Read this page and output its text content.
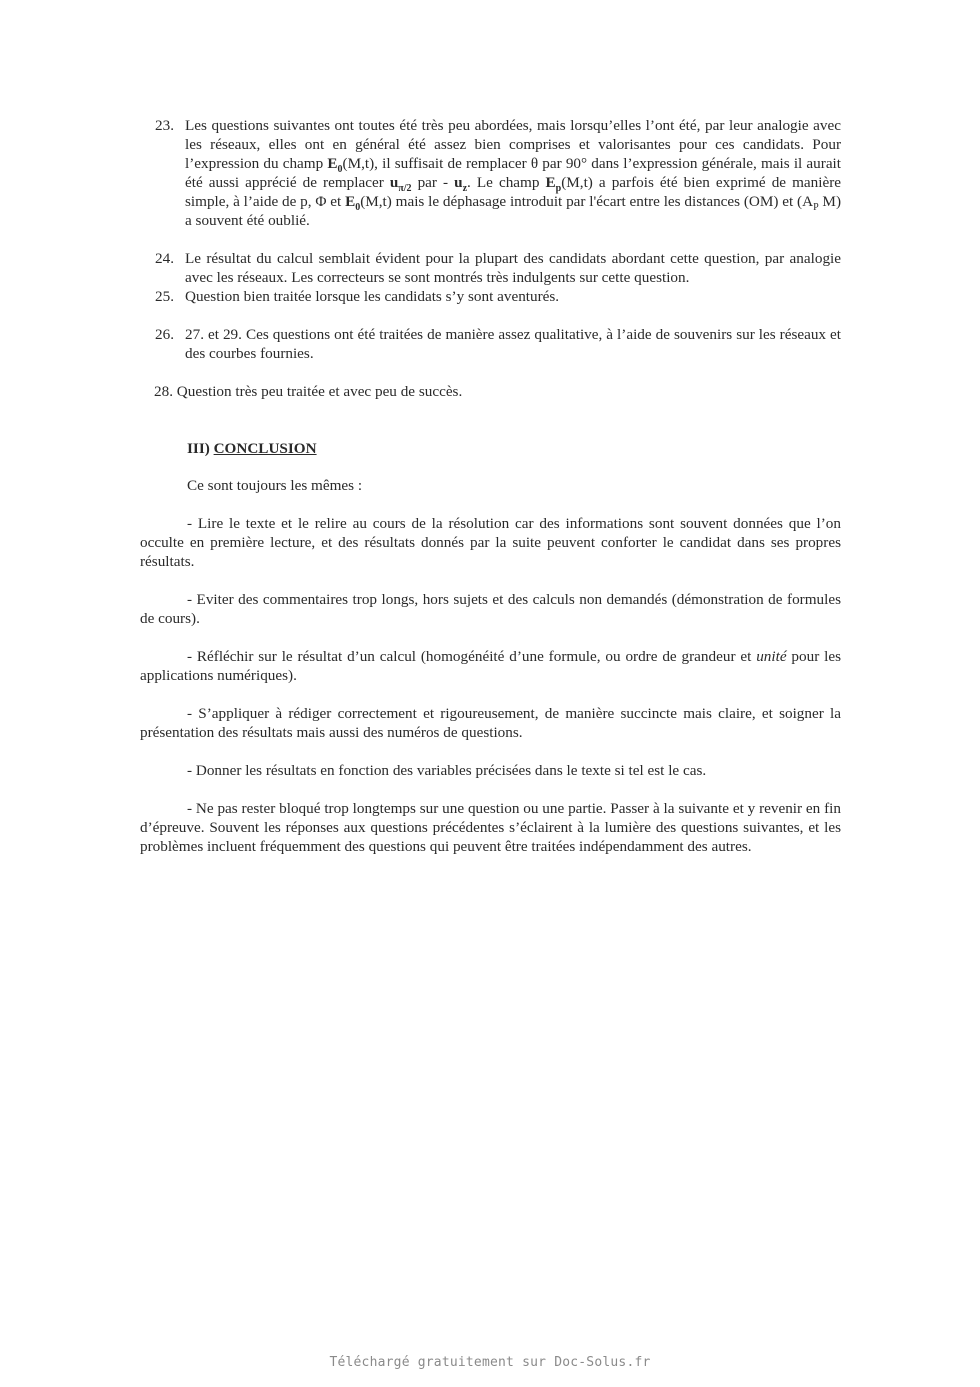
23. Les questions suivantes ont toutes été très peu abordées, mais lorsqu’elles l’ont été, par leur analogie avec les réseaux, elles ont en général été assez bien comprises et valorisantes pour ces candidats. Pour l’expression du champ $E_0(M,t)$, il suffisait de remplacer θ par 90° dans l’expression générale, mais il aurait été aussi apprécié de remplacer $u_{\pi/2}$ par - $u_z$. Le champ $E_p(M,t)$ a parfois été bien exprimé de manière simple, à l’aide de p, Φ et $E_0(M,t)$ mais le déphasage introduit par l'écart entre les distances (OM) et ($A_P$ M) a souvent été oublié.
24. Le résultat du calcul semblait évident pour la plupart des candidats abordant cette question, par analogie avec les réseaux. Les correcteurs se sont montrés très indulgents sur cette question.
25. Question bien traitée lorsque les candidats s’y sont aventurés.
26. 27. et 29. Ces questions ont été traitées de manière assez qualitative, à l’aide de souvenirs sur les réseaux et des courbes fournies.
28. Question très peu traitée et avec peu de succès.
III) CONCLUSION
Ce sont toujours les mêmes :
- Lire le texte et le relire au cours de la résolution car des informations sont souvent données que l’on occulte en première lecture, et des résultats donnés par la suite peuvent conforter le candidat dans ses propres résultats.
- Eviter des commentaires trop longs, hors sujets et des calculs non demandés (démonstration de formules de cours).
- Réfléchir sur le résultat d’un calcul (homogénéité d’une formule, ou ordre de grandeur et unité pour les applications numériques).
- S’appliquer à rédiger correctement et rigoureusement, de manière succincte mais claire, et soigner la présentation des résultats mais aussi des numéros de questions.
- Donner les résultats en fonction des variables précisées dans le texte si tel est le cas.
- Ne pas rester bloqué trop longtemps sur une question ou une partie. Passer à la suivante et y revenir en fin d’épreuve. Souvent les réponses aux questions précédentes s’éclairent à la lumière des questions suivantes, et les problèmes incluent fréquemment des questions qui peuvent être traitées indépendamment des autres.
Téléchargé gratuitement sur Doc-Solus.fr
